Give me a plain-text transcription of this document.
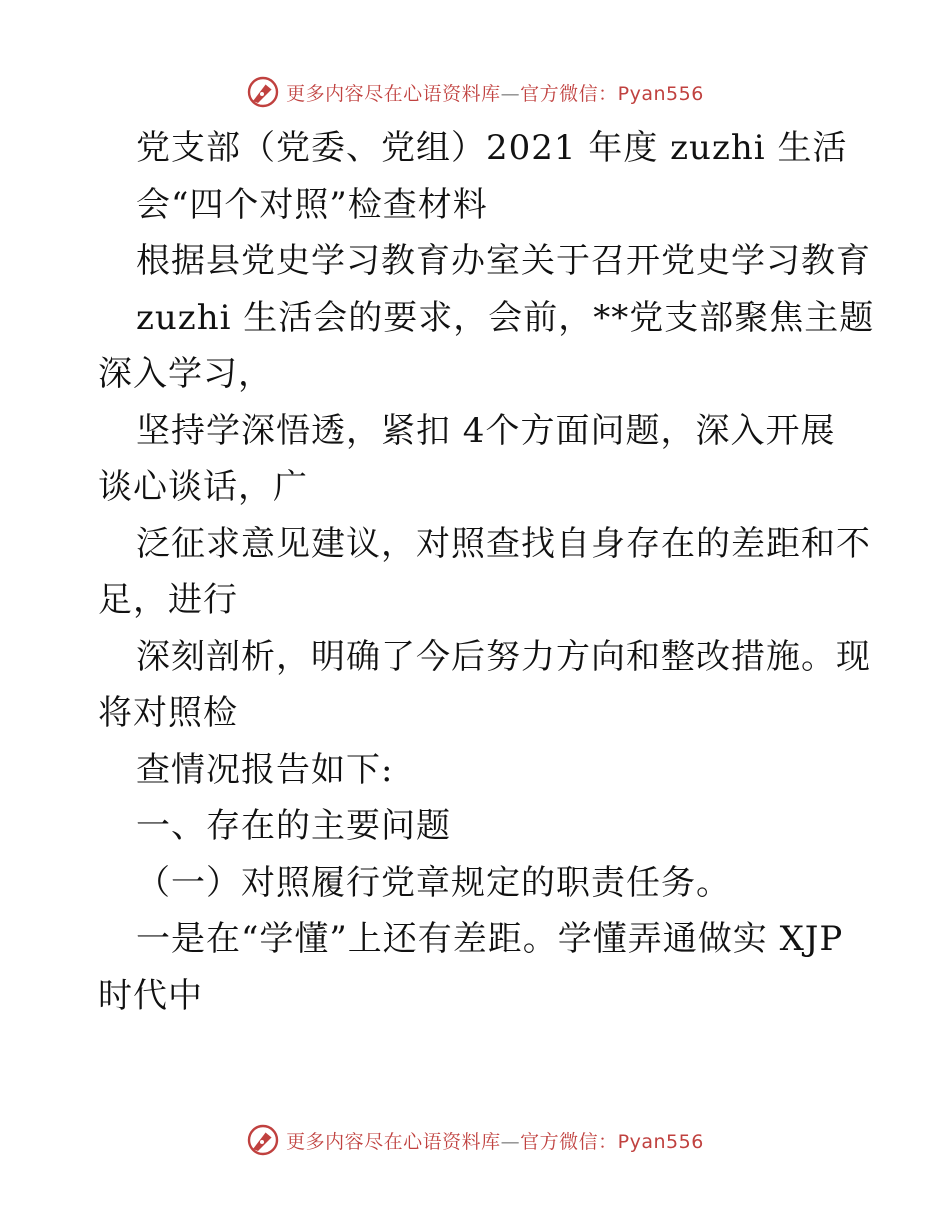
更多内容尽在心语资料库—官方微信：Pyan556
党支部（党委、党组）2021 年度 zuzhi 生活
会“四个对照”检查材料
根据县党史学习教育办室关于召开党史学习教育
zuzhi 生活会的要求，会前，**党支部聚焦主题
深入学习，
坚持学深悟透，紧扣 4个方面问题，深入开展
谈心谈话，广
泛征求意见建议，对照查找自身存在的差距和不
足，进行
深刻剖析，明确了今后努力方向和整改措施。现
将对照检
查情况报告如下:
一、存在的主要问题
（一）对照履行党章规定的职责任务。
一是在“学懂”上还有差距。学懂弄通做实 XJP
时代中
更多内容尽在心语资料库—官方微信：Pyan556
